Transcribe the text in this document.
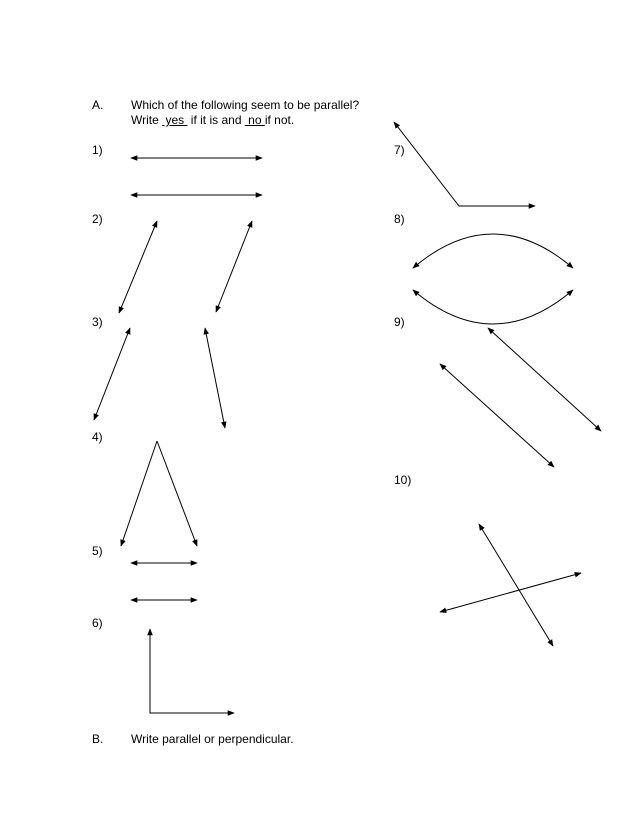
A. Which of the following seem to be parallel?
Write  yes  if it is and  no if not.
1)
2)
3)
4)
5)
6)
7)
8)
9)
10)
B. Write parallel or perpendicular.
